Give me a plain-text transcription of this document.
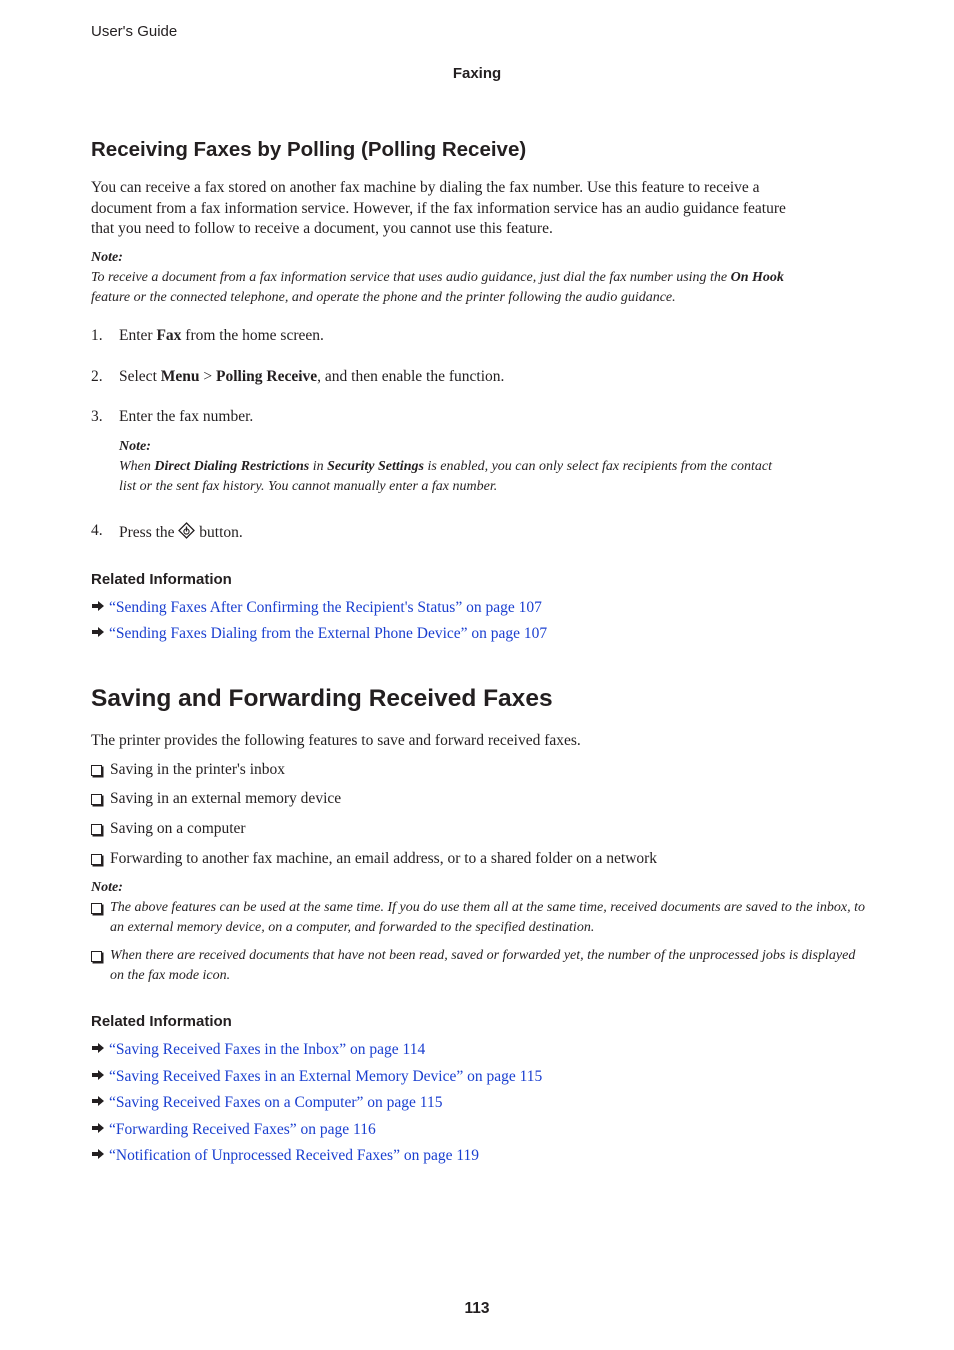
User's Guide
Faxing
Receiving Faxes by Polling (Polling Receive)
You can receive a fax stored on another fax machine by dialing the fax number. Use this feature to receive a
document from a fax information service. However, if the fax information service has an audio guidance feature
that you need to follow to receive a document, you cannot use this feature.
Note:
To receive a document from a fax information service that uses audio guidance, just dial the fax number using the On Hook
feature or the connected telephone, and operate the phone and the printer following the audio guidance.
1. Enter Fax from the home screen.
2. Select Menu > Polling Receive, and then enable the function.
3. Enter the fax number.
Note:
When Direct Dialing Restrictions in Security Settings is enabled, you can only select fax recipients from the contact
list or the sent fax history. You cannot manually enter a fax number.
4. Press the  button.
Related Information
“Sending Faxes After Confirming the Recipient's Status” on page 107
“Sending Faxes Dialing from the External Phone Device” on page 107
Saving and Forwarding Received Faxes
The printer provides the following features to save and forward received faxes.
Saving in the printer's inbox
Saving in an external memory device
Saving on a computer
Forwarding to another fax machine, an email address, or to a shared folder on a network
Note:
The above features can be used at the same time. If you do use them all at the same time, received documents are saved to the inbox, to an external memory device, on a computer, and forwarded to the specified destination.
When there are received documents that have not been read, saved or forwarded yet, the number of the unprocessed jobs is displayed on the fax mode icon.
Related Information
“Saving Received Faxes in the Inbox” on page 114
“Saving Received Faxes in an External Memory Device” on page 115
“Saving Received Faxes on a Computer” on page 115
“Forwarding Received Faxes” on page 116
“Notification of Unprocessed Received Faxes” on page 119
113
